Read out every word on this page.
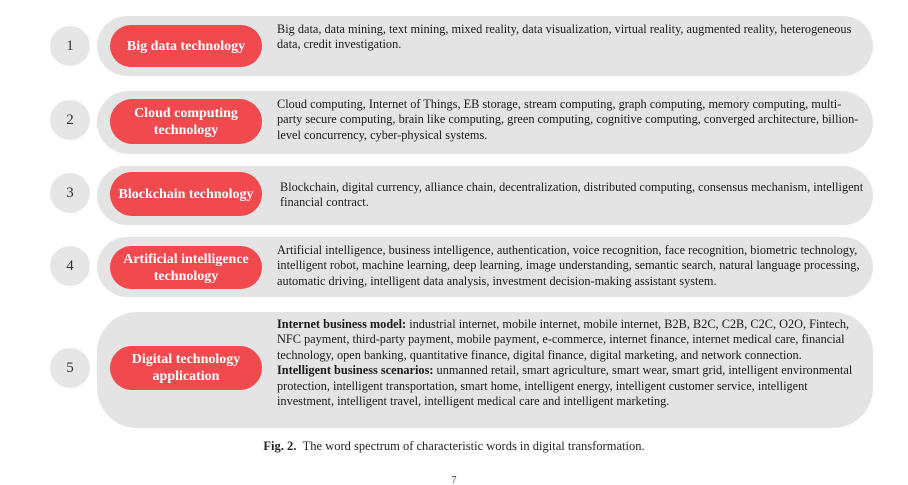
1	Big data technology
Big data, data mining, text mining, mixed reality, data visualization, virtual reality, augmented reality, heterogeneous data, credit investigation.
2	Cloud computing technology
Cloud computing, Internet of Things, EB storage, stream computing, graph computing, memory computing, multi-party secure computing, brain like computing, green computing, cognitive computing, converged architecture, billion-level concurrency, cyber-physical systems.
3	Blockchain technology	Blockchain, digital currency, alliance chain, decentralization, distributed computing, consensus mechanism, intelligent financial contract.
4	Artificial intelligence technology
Artificial intelligence, business intelligence, authentication, voice recognition, face recognition, biometric technology, intelligent robot, machine learning, deep learning, image understanding, semantic search, natural language processing, automatic driving, intelligent data analysis, investment decision-making assistant system.
5	Digital technology application
Internet business model: industrial internet, mobile internet, mobile internet, B2B, B2C, C2B, C2C, O2O, Fintech, NFC payment, third-party payment, mobile payment, e-commerce, internet finance, internet medical care, financial technology, open banking, quantitative finance, digital finance, digital marketing, and network connection.
Intelligent business scenarios: unmanned retail, smart agriculture, smart wear, smart grid, intelligent environmental protection, intelligent transportation, smart home, intelligent energy, intelligent customer service, intelligent investment, intelligent travel, intelligent medical care and intelligent marketing.
Fig. 2. The word spectrum of characteristic words in digital transformation.
7
